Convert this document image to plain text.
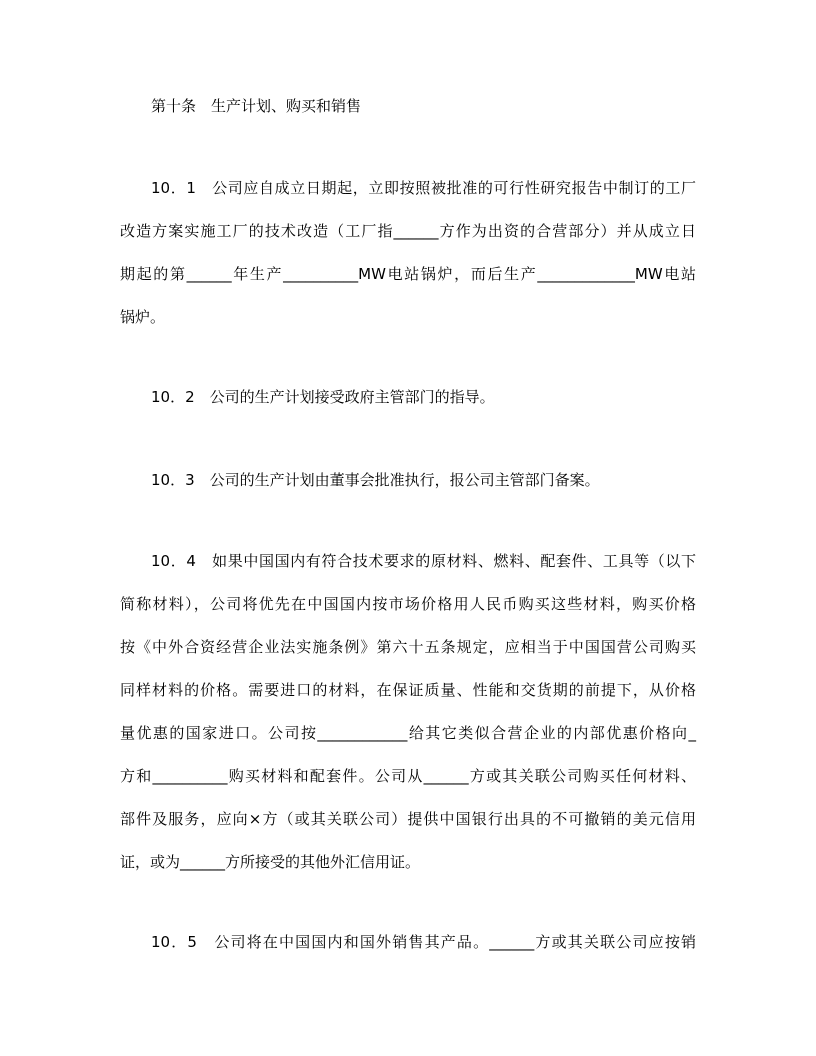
第十条　生产计划、购买和销售
10．1　公司应自成立日期起，立即按照被批准的可行性研究报告中制订的工厂
改造方案实施工厂的技术改造（工厂指______方作为出资的合营部分）并从成立日
期起的第______年生产__________MW电站锅炉，而后生产_____________MW电站
锅炉。
10．2　公司的生产计划接受政府主管部门的指导。
10．3　公司的生产计划由董事会批准执行，报公司主管部门备案。
10．4　如果中国国内有符合技术要求的原材料、燃料、配套件、工具等（以下
简称材料），公司将优先在中国国内按市场价格用人民币购买这些材料，购买价格
按《中外合资经营企业法实施条例》第六十五条规定，应相当于中国国营公司购买
同样材料的价格。需要进口的材料，在保证质量、性能和交货期的前提下，从价格
量优惠的国家进口。公司按____________给其它类似合营企业的内部优惠价格向_
方和__________购买材料和配套件。公司从______方或其关联公司购买任何材料、
部件及服务，应向×方（或其关联公司）提供中国银行出具的不可撤销的美元信用
证，或为______方所接受的其他外汇信用证。
10．5　公司将在中国国内和国外销售其产品。______方或其关联公司应按销
